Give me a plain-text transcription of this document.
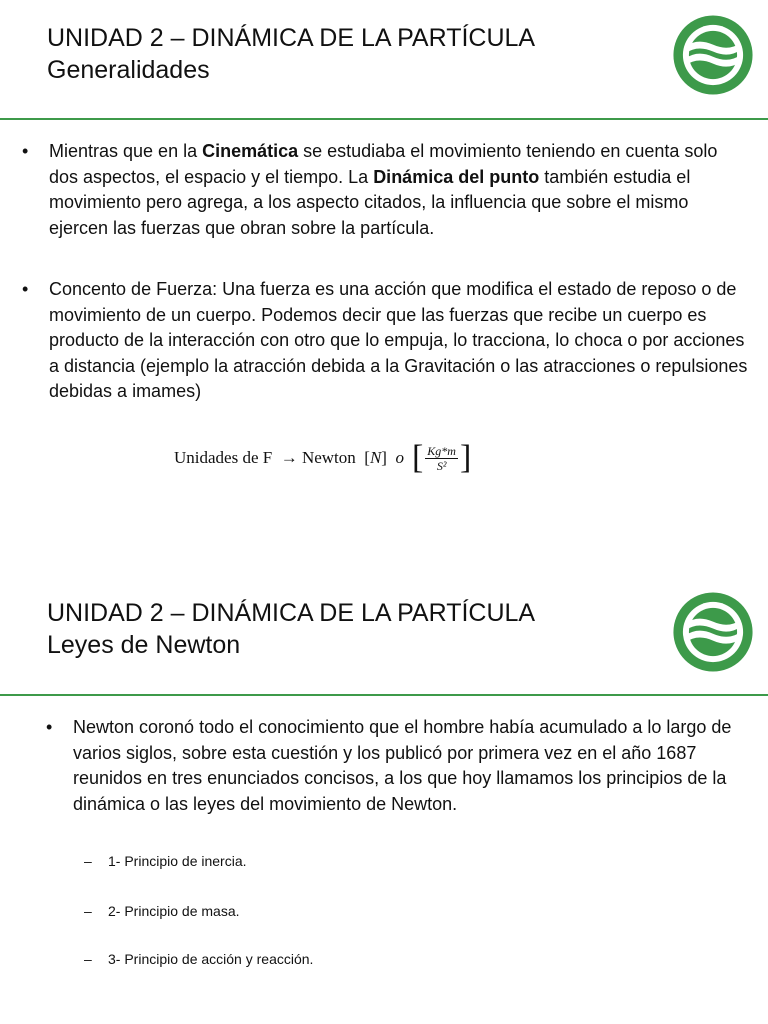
UNIDAD 2 – DINÁMICA DE LA PARTÍCULA
Generalidades
• Mientras que en la Cinemática se estudiaba el movimiento teniendo en cuenta solo dos aspectos, el espacio y el tiempo. La Dinámica del punto también estudia el movimiento pero agrega, a los aspecto citados, la influencia que sobre el mismo ejercen las fuerzas que obran sobre la partícula.
• Concento de Fuerza: Una fuerza es una acción que modifica el estado de reposo o de movimiento de un cuerpo. Podemos decir que las fuerzas que recibe un cuerpo es producto de la interacción con otro que lo empuja, lo tracciona, lo choca o por acciones a distancia (ejemplo la atracción debida a la Gravitación o las atracciones o repulsiones debidas a imames)
Unidades de F  → Newton  [ N ] o [ $\frac{Kg*m}{\text{S²}}$ ]
UNIDAD 2 – DINÁMICA DE LA PARTÍCULA
Leyes de Newton
• Newton coronó todo el conocimiento que el hombre había acumulado a lo largo de varios siglos, sobre esta cuestión y los publicó por primera vez en el año 1687 reunidos en tres enunciados concisos, a los que hoy llamamos los principios de la dinámica o las leyes del movimiento de Newton.
– 1- Principio de inercia.
– 2- Principio de masa.
– 3- Principio de acción y reacción.
